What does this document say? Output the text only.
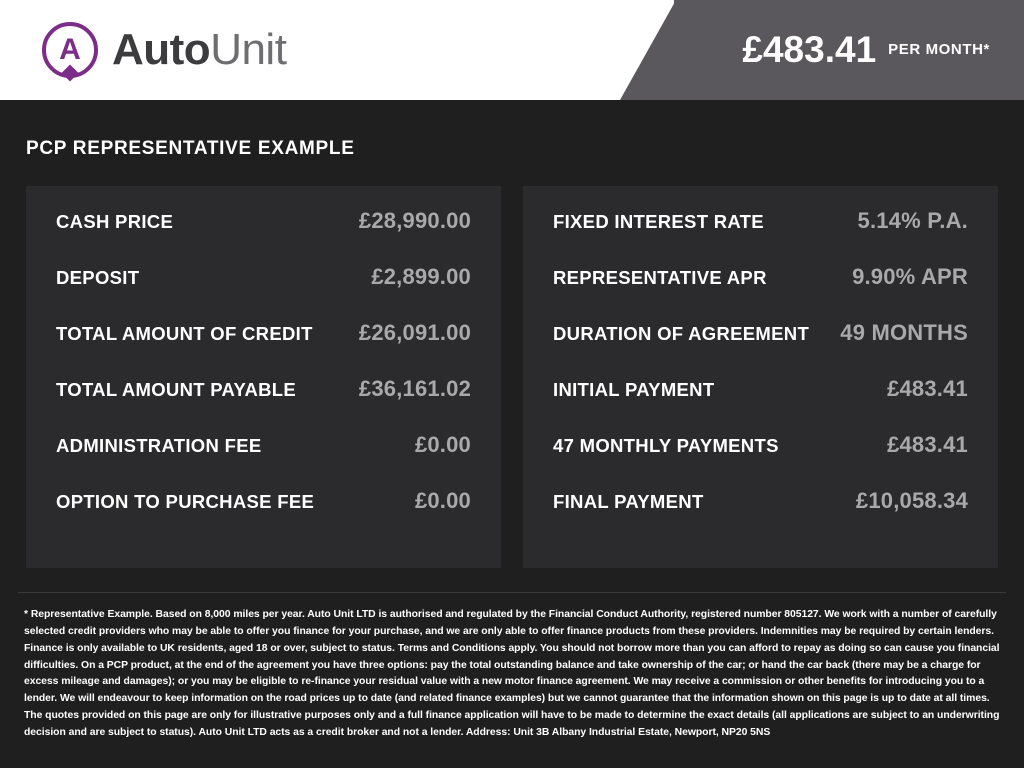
A AutoUnit	£483.41 PER MONTH*
PCP REPRESENTATIVE EXAMPLE
CASH PRICE	£28,990.00
DEPOSIT	£2,899.00
TOTAL AMOUNT OF CREDIT £26,091.00
TOTAL AMOUNT PAYABLE	£36,161.02
ADMINISTRATION FEE	£0.00
OPTION TO PURCHASE FEE	£0.00
FIXED INTEREST RATE	5.14% P.A.
REPRESENTATIVE APR	9.90% APR
DURATION OF AGREEMENT 49 MONTHS
INITIAL PAYMENT	£483.41
47 MONTHLY PAYMENTS	£483.41
FINAL PAYMENT	£10,058.34
* Representative Example. Based on 8,000 miles per year. Auto Unit LTD is authorised and regulated by the Financial Conduct Authority, registered number 805127. We work with a number of carefully selected credit providers who may be able to offer you finance for your purchase, and we are only able to offer finance products from these providers. Indemnities may be required by certain lenders. Finance is only available to UK residents, aged 18 or over, subject to status. Terms and Conditions apply. You should not borrow more than you can afford to repay as doing so can cause you financial difficulties. On a PCP product, at the end of the agreement you have three options: pay the total outstanding balance and take ownership of the car; or hand the car back (there may be a charge for excess mileage and damages); or you may be eligible to re-finance your residual value with a new motor finance agreement. We may receive a commission or other benefits for introducing you to a lender. We will endeavour to keep information on the road prices up to date (and related finance examples) but we cannot guarantee that the information shown on this page is up to date at all times. The quotes provided on this page are only for illustrative purposes only and a full finance application will have to be made to determine the exact details (all applications are subject to an underwriting decision and are subject to status). Auto Unit LTD acts as a credit broker and not a lender. Address: Unit 3B Albany Industrial Estate, Newport, NP20 5NS
